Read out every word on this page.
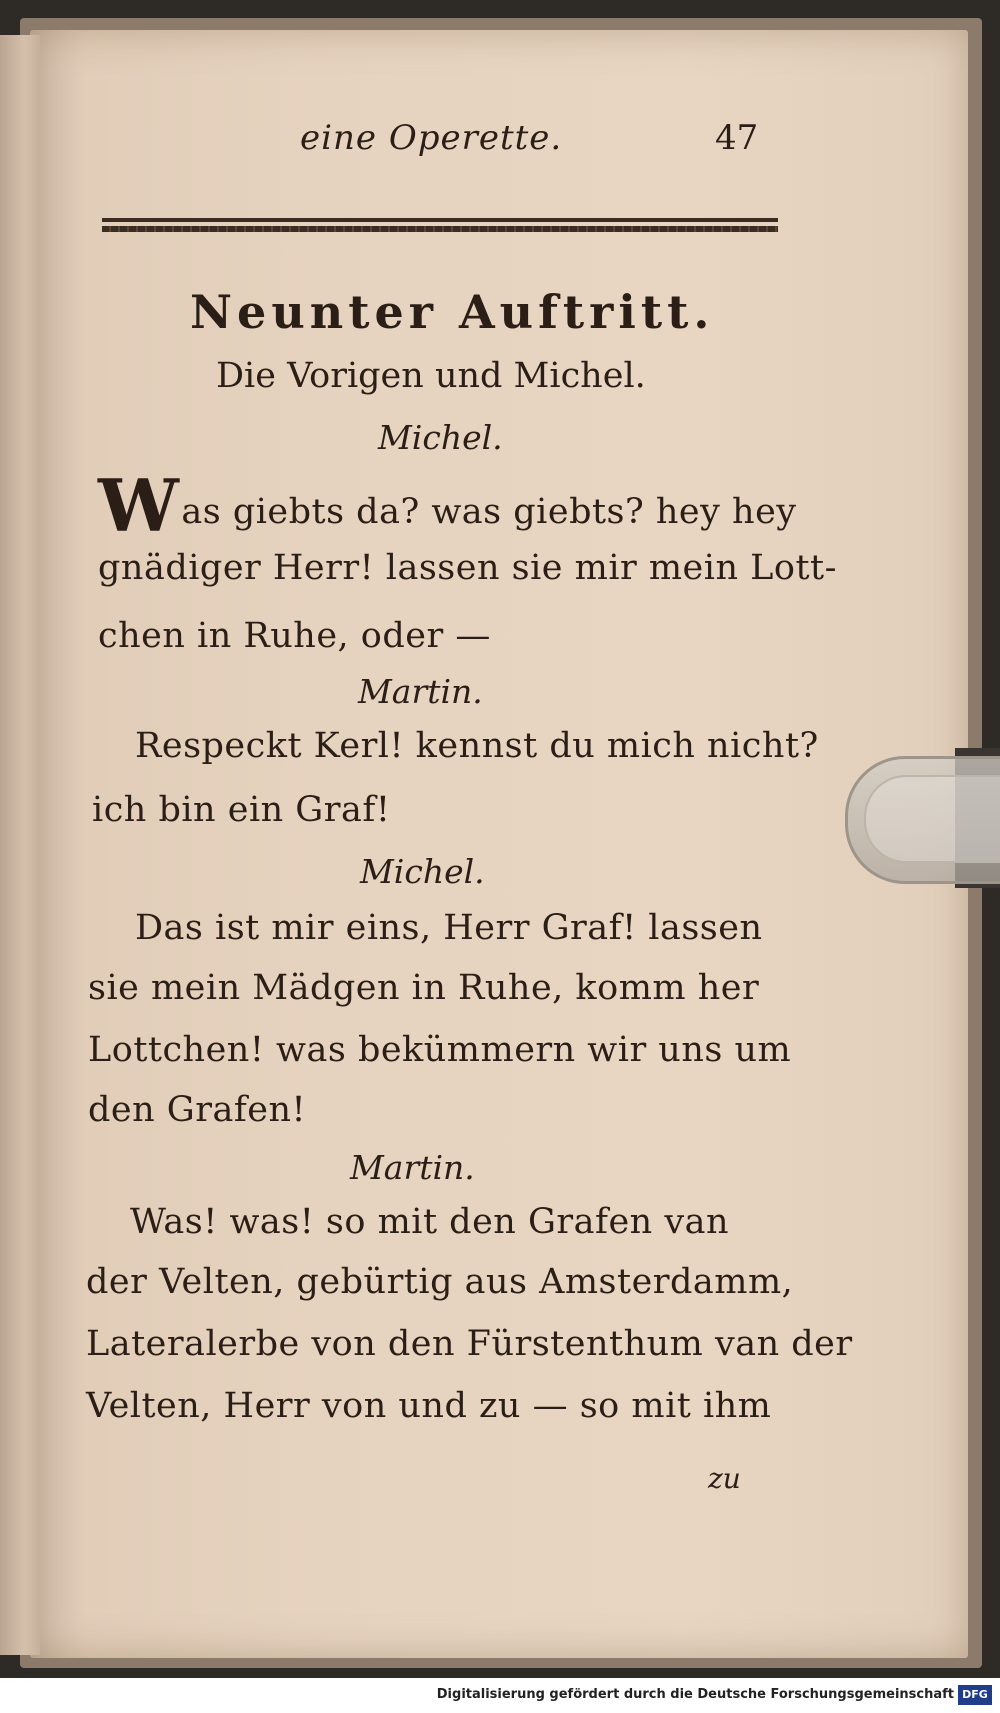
eine Operette.	47
Neunter Auftritt.
Die Vorigen und Michel.
Michel.
Was giebts da? was giebts? hey hey
gnädiger Herr! lassen sie mir mein Lott-
chen in Ruhe, oder —
Martin.
Respeckt Kerl! kennst du mich nicht?
ich bin ein Graf!
Michel.
Das ist mir eins, Herr Graf! lassen
sie mein Mädgen in Ruhe, komm her
Lottchen! was bekümmern wir uns um
den Grafen!
Martin.
Was! was! so mit den Grafen van
der Velten, gebürtig aus Amsterdamm,
Lateralerbe von den Fürstenthum van der
Velten, Herr von und zu — so mit ihm
zu
Digitalisierung gefördert durch die Deutsche Forschungsgemeinschaft DFG
